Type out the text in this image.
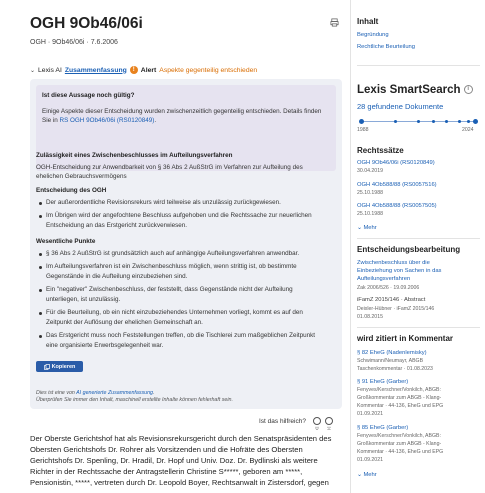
OGH 9Ob46/06i
OGH · 9Ob46/06i · 7.6.2006
⌄ Lexis AI Zusammenfassung	! Alert Aspekte gegenteilig entschieden
Ist diese Aussage noch gültig?
Einige Aspekte dieser Entscheidung wurden zwischenzeitlich gegenteilig entschieden. Details finden
Sie in RS OGH 9Ob46/06i (RS0120849).
Zulässigkeit eines Zwischenbeschlusses im Aufteilungsverfahren
OGH-Entscheidung zur Anwendbarkeit von § 36 Abs 2 AußStrG im Verfahren zur Aufteilung des
ehelichen Gebrauchsvermögens
Entscheidung des OGH
Der außerordentliche Revisionsrekurs wird teilweise als unzulässig zurückgewiesen.
Im Übrigen wird der angefochtene Beschluss aufgehoben und die Rechtssache zur neuerlichen
Entscheidung an das Erstgericht zurückverwiesen.
Wesentliche Punkte
§ 36 Abs 2 AußStrG ist grundsätzlich auch auf anhängige Aufteilungsverfahren anwendbar.
Im Aufteilungsverfahren ist ein Zwischenbeschluss möglich, wenn strittig ist, ob bestimmte
Gegenstände in die Aufteilung einzubeziehen sind.
Ein "negativer" Zwischenbeschluss, der feststellt, dass Gegenstände nicht der Aufteilung
unterliegen, ist unzulässig.
Für die Beurteilung, ob ein nicht einzubeziehendes Unternehmen vorliegt, kommt es auf den
Zeitpunkt der Auflösung der ehelichen Gemeinschaft an.
Das Erstgericht muss noch Feststellungen treffen, ob die Tischlerei zum maßgeblichen Zeitpunkt
eine organisierte Erwerbsgelegenheit war.
Kopieren
Dies ist eine von AI generierte Zusammenfassung.
Überprüfen Sie immer den Inhalt, maschinell erstellte Inhalte können fehlerhaft sein.
Ist das hilfreich?
Der Oberste Gerichtshof hat als Revisionsrekursgericht durch den Senatspräsidenten des
Obersten Gerichtshofs Dr. Rohrer als Vorsitzenden und die Hofräte des Obersten
Gerichtshofs Dr. Spenling, Dr. Hradil, Dr. Hopf und Univ. Doz. Dr. Bydlinski als weitere
Richter in der Rechtssache der Antragstellerin Christine S*****, geboren am *****,
Pensionistin, *****, vertreten durch Dr. Leopold Boyer, Rechtsanwalt in Zistersdorf, gegen
Inhalt
Begründung
Rechtliche Beurteilung
Lexis SmartSearch i
28 gefundene Dokumente
1988	2024
Rechtssätze
OGH 9Ob46/06i (RS0120849)
30.04.2019
OGH 4Ob588/88 (RS0057516)
25.10.1988
OGH 4Ob588/88 (RS0057505)
25.10.1988
⌄ Mehr
Entscheidungsbearbeitung
Zwischenbeschluss über die
Einbeziehung von Sachen in das
Aufteilungsverfahren
Zak 2006/526 · 19.09.2006
iFamZ 2015/146 · Abstract
Deixler-Hübner · iFamZ 2015/146
01.08.2015
wird zitiert in Kommentar
§ 82 EheG (Nadenlemisky)
Schwimann/Neumayr, ABGB
Taschenkommentar · 01.08.2023
§ 91 EheG (Garber)
Fenyves/Kerschner/Vonkilch, ABGB:
Großkommentar zum ABGB - Klang-
Kommentar · 44-136, EheG und EPG
01.09.2021
§ 85 EheG (Garber)
Fenyves/Kerschner/Vonkilch, ABGB:
Großkommentar zum ABGB - Klang-
Kommentar · 44-136, EheG und EPG
01.09.2021
⌄ Mehr
